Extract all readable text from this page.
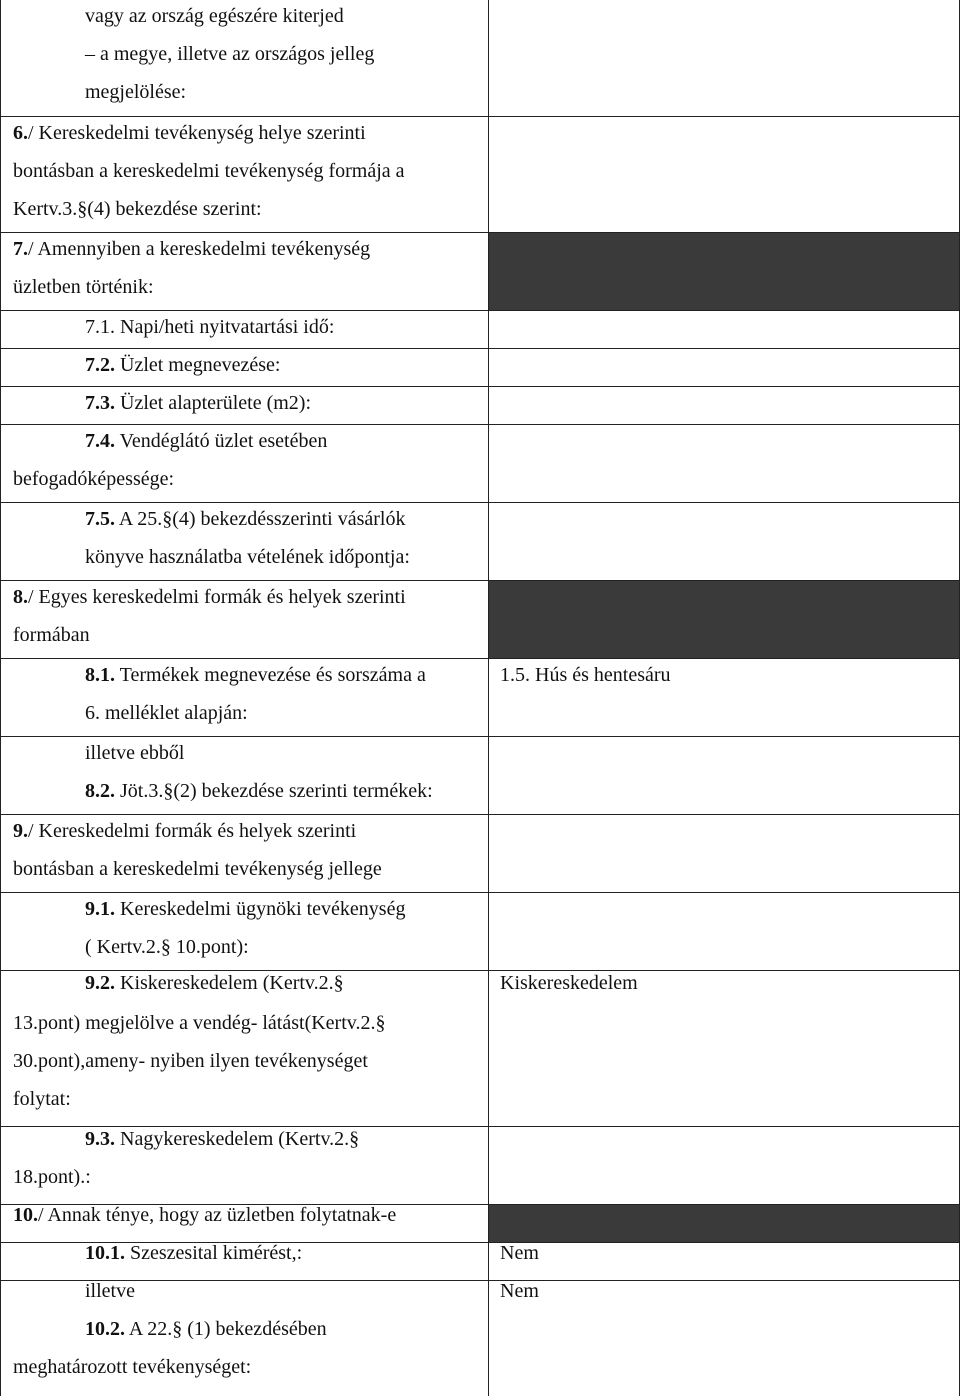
vagy az ország egészére kiterjed
– a megye, illetve az országos jelleg
megjelölése:
6./ Kereskedelmi tevékenység helye szerinti
bontásban a kereskedelmi tevékenység formája a
Kertv.3.§(4) bekezdése szerint:
7./ Amennyiben a kereskedelmi tevékenység
üzletben történik:
7.1. Napi/heti nyitvatartási idő:
7.2. Üzlet megnevezése:
7.3. Üzlet alapterülete (m2):
7.4. Vendéglátó üzlet esetében
befogadóképessége:
7.5. A 25.§(4) bekezdésszerinti vásárlók
könyve használatba vételének időpontja:
8./ Egyes kereskedelmi formák és helyek szerinti
formában
8.1. Termékek megnevezése és sorszáma a
6. melléklet alapján:
1.5. Hús és hentesáru
illetve ebből
8.2. Jöt.3.§(2) bekezdése szerinti termékek:
9./ Kereskedelmi formák és helyek szerinti
bontásban a kereskedelmi tevékenység jellege
9.1. Kereskedelmi ügynöki tevékenység
( Kertv.2.§ 10.pont):
9.2. Kiskereskedelem (Kertv.2.§
13.pont) megjelölve a vendég- látást(Kertv.2.§
30.pont),ameny- nyiben ilyen tevékenységet
folytat:
Kiskereskedelem
9.3. Nagykereskedelem (Kertv.2.§
18.pont).:
10./ Annak ténye, hogy az üzletben folytatnak-e
10.1. Szeszesital kimérést,:	Nem
illetve
10.2. A 22.§ (1) bekezdésében
meghatározott tevékenységet:
Nem
